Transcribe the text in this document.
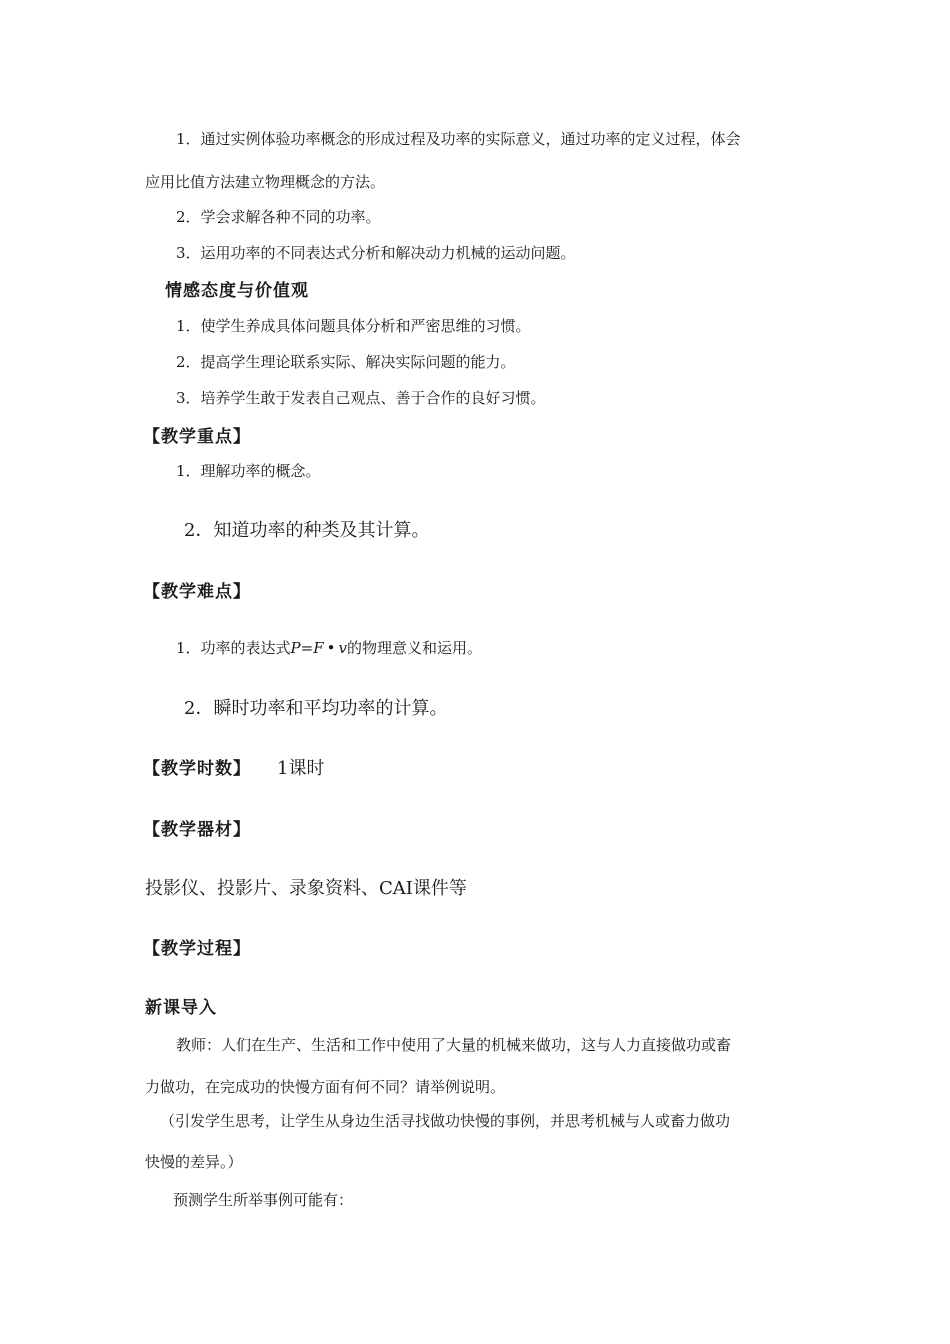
1．通过实例体验功率概念的形成过程及功率的实际意义，通过功率的定义过程，体会

应用比值方法建立物理概念的方法。

2．学会求解各种不同的功率。

3．运用功率的不同表达式分析和解决动力机械的运动问题。

情感态度与价值观

1．使学生养成具体问题具体分析和严密思维的习惯。

2．提高学生理论联系实际、解决实际问题的能力。

3．培养学生敢于发表自己观点、善于合作的良好习惯。

【教学重点】

1．理解功率的概念。

2．知道功率的种类及其计算。

【教学难点】

1．功率的表达式P=F • v的物理意义和运用。

2．瞬时功率和平均功率的计算。

【教学时数】 1课时

【教学器材】

投影仪、投影片、录象资料、CAI课件等

【教学过程】

新课导入

教师：人们在生产、生活和工作中使用了大量的机械来做功，这与人力直接做功或畜

力做功，在完成功的快慢方面有何不同？请举例说明。

（引发学生思考，让学生从身边生活寻找做功快慢的事例，并思考机械与人或畜力做功

快慢的差异。）

预测学生所举事例可能有：
